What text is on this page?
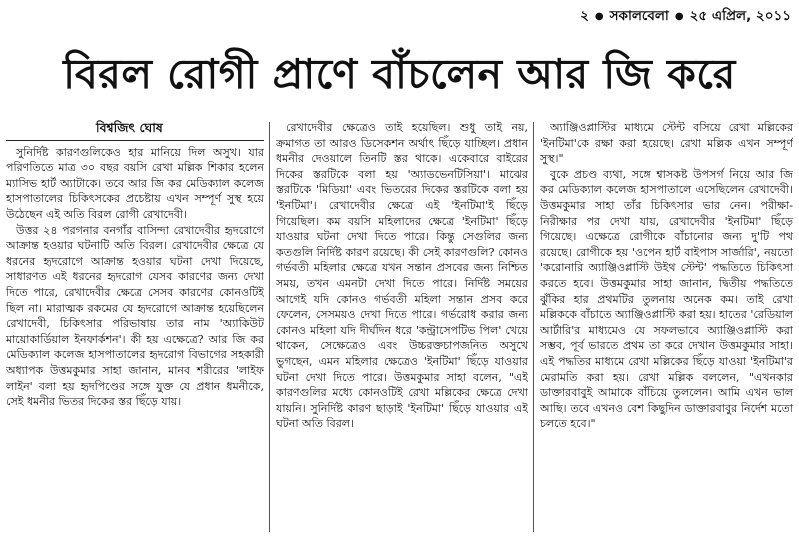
২ ● সকালবেলা ● ২৫ এপ্রিল, ২০১১
বিরল রোগী প্রাণে বাঁচলেন আর জি করে
বিশ্বজিৎ ঘোষ

সুনির্দিষ্ট কারণগুলিকেও হার মানিয়ে দিল অসুখ। যার পরিণতিতে মাত্র ৩০ বছর বয়সি রেখা মল্লিক শিকার হলেন ম্যাসিভ হার্ট অ্যাটাকে। তবে আর জি কর মেডিক্যাল কলেজ হাসপাতালের চিকিৎসকের প্রচেষ্টায় এখন সম্পূর্ণ সুস্থ হয়ে উঠেছেন এই অতি বিরল রোগী রেখাদেবী।

উত্তর ২৪ পরগনার বনগাঁর বাসিন্দা রেখাদেবীর হৃদরোগে আক্রান্ত হওয়ার ঘটনাটি অতি বিরল। রেখাদেবীর ক্ষেত্রে যে ধরনের হৃদরোগে আক্রান্ত হওয়ার ঘটনা দেখা দিয়েছে, সাধারণত এই ধরনের হৃদরোগ যেসব কারণের জন্য দেখা দিতে পারে, রেখাদেবীর ক্ষেত্রে সেসব কারণের কোনওটিই ছিল না। মারাত্মক রকমের যে হৃদরোগে আক্রান্ত হয়েছিলেন রেখাদেবী, চিকিৎসার পরিভাষায় তার নাম 'অ্যাকিউট মায়োকার্ডিয়াল ইনফার্কশন'। কী হয় এক্ষেত্রে? আর জি কর মেডিক্যাল কলেজ হাসপাতালের হৃদরোগ বিভাগের সহকারী অধ্যাপক উত্তমকুমার সাহা জানান, মানব শরীরের 'লাইফ লাইন' বলা হয় হৃদপিণ্ডের সঙ্গে যুক্ত যে প্রধান ধমনীকে, সেই ধমনীর ভিতর দিকের স্তর ছিঁড়ে যায়।

রেখাদেবীর ক্ষেত্রেও তাই হয়েছিল। শুধু তাই নয়, ক্রমাগত তা আরও ডিসেকশন অর্থাৎ ছিঁড়ে যাচ্ছিল। প্রধান ধমনীর দেওয়ালে তিনটি স্তর থাকে। একেবারে বাইরের দিকের স্তরটিকে বলা হয় 'অ্যাডভেনটিসিয়া'। মাঝের স্তরটিকে 'মিডিয়া' এবং ভিতরের দিকের স্তরটিকে বলা হয় 'ইনটিমা'। রেখাদেবীর ক্ষেত্রে এই 'ইনটিমা'ই ছিঁড়ে গিয়েছিল। কম বয়সি মহিলাদের ক্ষেত্রে 'ইনটিমা' ছিঁড়ে যাওয়ার ঘটনা দেখা দিতে পারে। কিন্তু সেগুলির জন্য কতগুলি নির্দিষ্ট কারণ রয়েছে। কী সেই কারণগুলি? কোনও গর্ভবতী মহিলার ক্ষেত্রে যখন সন্তান প্রসবের জন্য নিশ্চিত সময়, তখন এমনটা দেখা দিতে পারে। নির্দিষ্ট সময়ের আগেই যদি কোনও গর্ভবতী মহিলা সন্তান প্রসব করে ফেলেন, সেসময়ও দেখা দিতে পারে। গর্ভরোধ করার জন্য কোনও মহিলা যদি দীর্ঘদিন ধরে 'কন্ট্রাসেপটিভ পিল' খেয়ে থাকেন, সেক্ষেত্রেও এবং উচ্চরক্তচাপজনিত অসুখে ভুগছেন, এমন মহিলার ক্ষেত্রেও 'ইনটিমা' ছিঁড়ে যাওয়ার ঘটনা দেখা দিতে পারে। উত্তমকুমার সাহা বলেন, "এই কারণগুলির মধ্যে কোনওটিই রেখা মল্লিকের ক্ষেত্রে দেখা যায়নি। সুনির্দিষ্ট কারণ ছাড়াই 'ইনটিমা' ছিঁড়ে যাওয়ার এই ঘটনা অতি বিরল।

অ্যাঞ্জিওপ্লাস্টির মাধ্যমে স্টেন্ট বসিয়ে রেখা মল্লিকের 'ইনটিমা'কে রক্ষা করা হয়েছে। রেখা মল্লিক এখন সম্পূর্ণ সুস্থ।"

বুকে প্রচণ্ড ব্যথা, সঙ্গে শ্বাসকষ্ট উপসর্গ নিয়ে আর জি কর মেডিক্যাল কলেজ হাসপাতালে এসেছিলেন রেখাদেবী। উত্তমকুমার সাহা তাঁর চিকিৎসার ভার নেন। পরীক্ষা-নিরীক্ষার পর দেখা যায়, রেখাদেবীর 'ইনটিমা' ছিঁড়ে গিয়েছে। এক্ষেত্রে রোগীকে বাঁচানোর জন্য দু'টি পথ রয়েছে। রোগীকে হয় 'ওপেন হার্ট বাইপাস সার্জারি', নয়তো 'করোনারি অ্যাঞ্জিওপ্লাস্টি উইথ স্টেন্ট' পদ্ধতিতে চিকিৎসা করতে হবে। উত্তমকুমার সাহা জানান, দ্বিতীয় পদ্ধতিতে ঝুঁকির হার প্রথমটির তুলনায় অনেক কম। তাই রেখা মল্লিককে বাঁচাতে অ্যাঞ্জিওপ্লাস্টি করা হয়। হাতের 'রেডিয়াল আর্টারি'র মাধ্যমেও যে সফলভাবে অ্যাঞ্জিওপ্লাস্টি করা সম্ভব, পূর্ব ভারতে প্রথম তা করে দেখান উত্তমকুমার সাহা। এই পদ্ধতির মাধ্যমে রেখা মল্লিকের ছিঁড়ে যাওয়া 'ইনটিমা'র মেরামতি করা হয়। রেখা মল্লিক বললেন, "এখনকার ডাক্তারবাবুই আমাকে বাঁচিয়ে তুললেন। আমি এখন ভাল আছি। তবে এখনও বেশ কিছুদিন ডাক্তারবাবুর নির্দেশ মতো চলতে হবে।"
